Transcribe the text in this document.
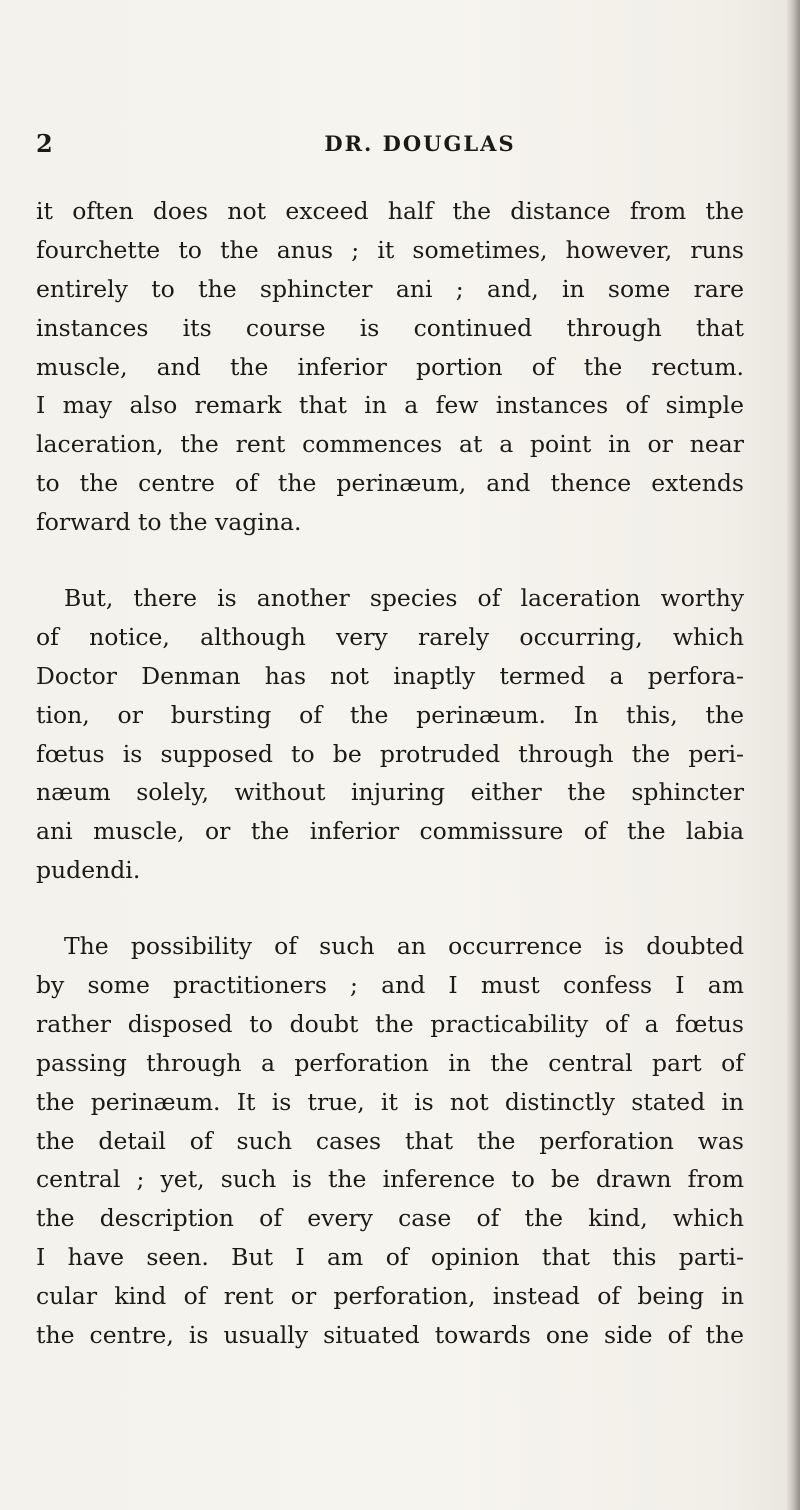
2	DR. DOUGLAS

it often does not exceed half the distance from the
fourchette to the anus ; it sometimes, however, runs
entirely to the sphincter ani ; and, in some rare
instances its course is continued through that
muscle, and the inferior portion of the rectum.
I may also remark that in a few instances of simple
laceration, the rent commences at a point in or near
to the centre of the perinæum, and thence extends
forward to the vagina.

But, there is another species of laceration worthy
of notice, although very rarely occurring, which
Doctor Denman has not inaptly termed a perfora-
tion, or bursting of the perinæum. In this, the
fœtus is supposed to be protruded through the peri-
næum solely, without injuring either the sphincter
ani muscle, or the inferior commissure of the labia
pudendi.

The possibility of such an occurrence is doubted
by some practitioners ; and I must confess I am
rather disposed to doubt the practicability of a fœtus
passing through a perforation in the central part of
the perinæum. It is true, it is not distinctly stated in
the detail of such cases that the perforation was
central ; yet, such is the inference to be drawn from
the description of every case of the kind, which
I have seen. But I am of opinion that this parti-
cular kind of rent or perforation, instead of being in
the centre, is usually situated towards one side of the
